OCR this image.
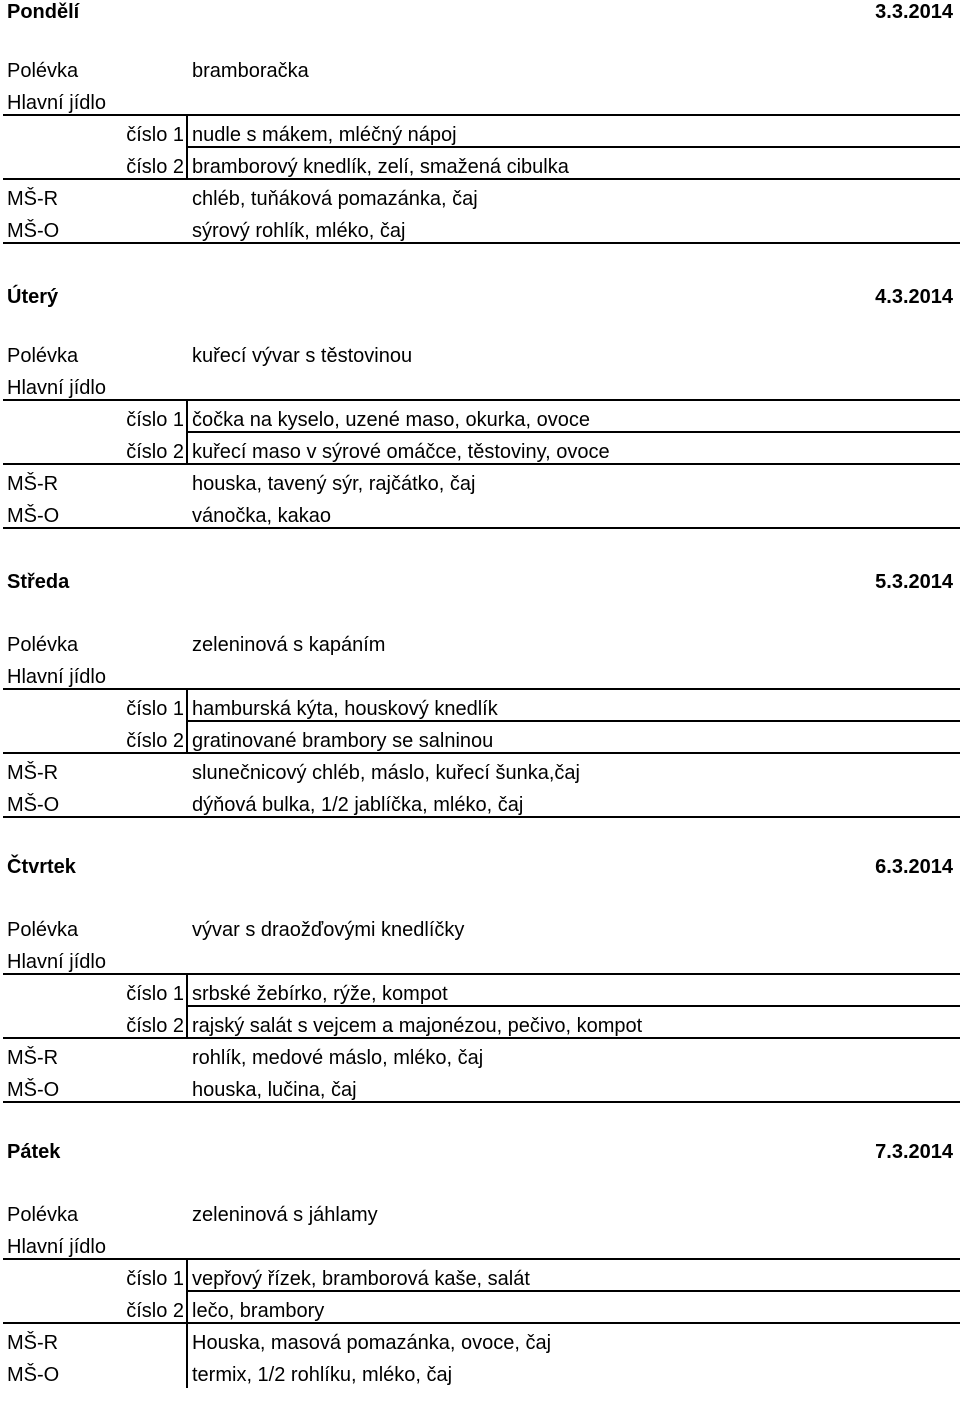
Pondělí	3.3.2014
Polévka	bramboračka
Hlavní jídlo
číslo 1 nudle s mákem, mléčný nápoj
číslo 2 bramborový knedlík, zelí, smažená cibulka
MŠ-R	chléb, tuňáková pomazánka, čaj
MŠ-O	sýrový rohlík, mléko, čaj
Úterý	4.3.2014
Polévka	kuřecí vývar s těstovinou
Hlavní jídlo
číslo 1 čočka na kyselo, uzené maso, okurka, ovoce
číslo 2 kuřecí maso v sýrové omáčce, těstoviny, ovoce
MŠ-R	houska, tavený sýr, rajčátko, čaj
MŠ-O	vánočka, kakao
Středa	5.3.2014
Polévka	zeleninová s kapáním
Hlavní jídlo
číslo 1 hamburská kýta, houskový knedlík
číslo 2 gratinované brambory se salninou
MŠ-R	slunečnicový chléb, máslo, kuřecí šunka,čaj
MŠ-O	dýňová bulka, 1/2 jablíčka, mléko, čaj
Čtvrtek	6.3.2014
Polévka	vývar s draožďovými knedlíčky
Hlavní jídlo
číslo 1 srbské žebírko, rýže, kompot
číslo 2 rajský salát s vejcem a majonézou, pečivo, kompot
MŠ-R	rohlík, medové máslo, mléko, čaj
MŠ-O	houska, lučina, čaj
Pátek	7.3.2014
Polévka	zeleninová s jáhlamy
Hlavní jídlo
číslo 1 vepřový řízek, bramborová kaše, salát
číslo 2 lečo, brambory
MŠ-R	Houska, masová pomazánka, ovoce, čaj
MŠ-O	termix, 1/2 rohlíku, mléko, čaj
